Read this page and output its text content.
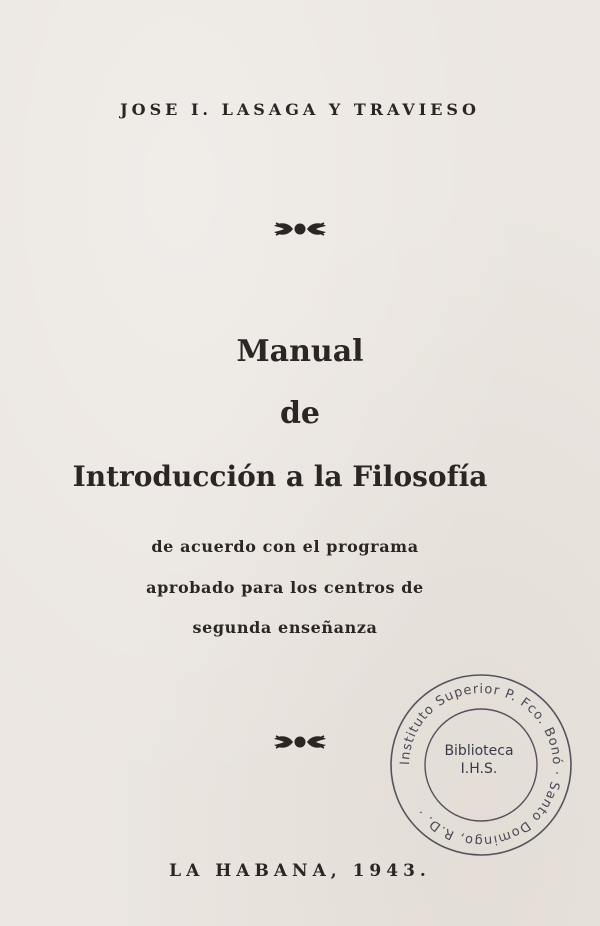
JOSE I. LASAGA Y TRAVIESO
Manual
de
Introducción a la Filosofía
de acuerdo con el programa
aprobado para los centros de
segunda enseñanza
Instituto Superior P. Fco. Bonó · Santo Domingo, R.D. ·
Biblioteca
I.H.S.
LA HABANA, 1943.
